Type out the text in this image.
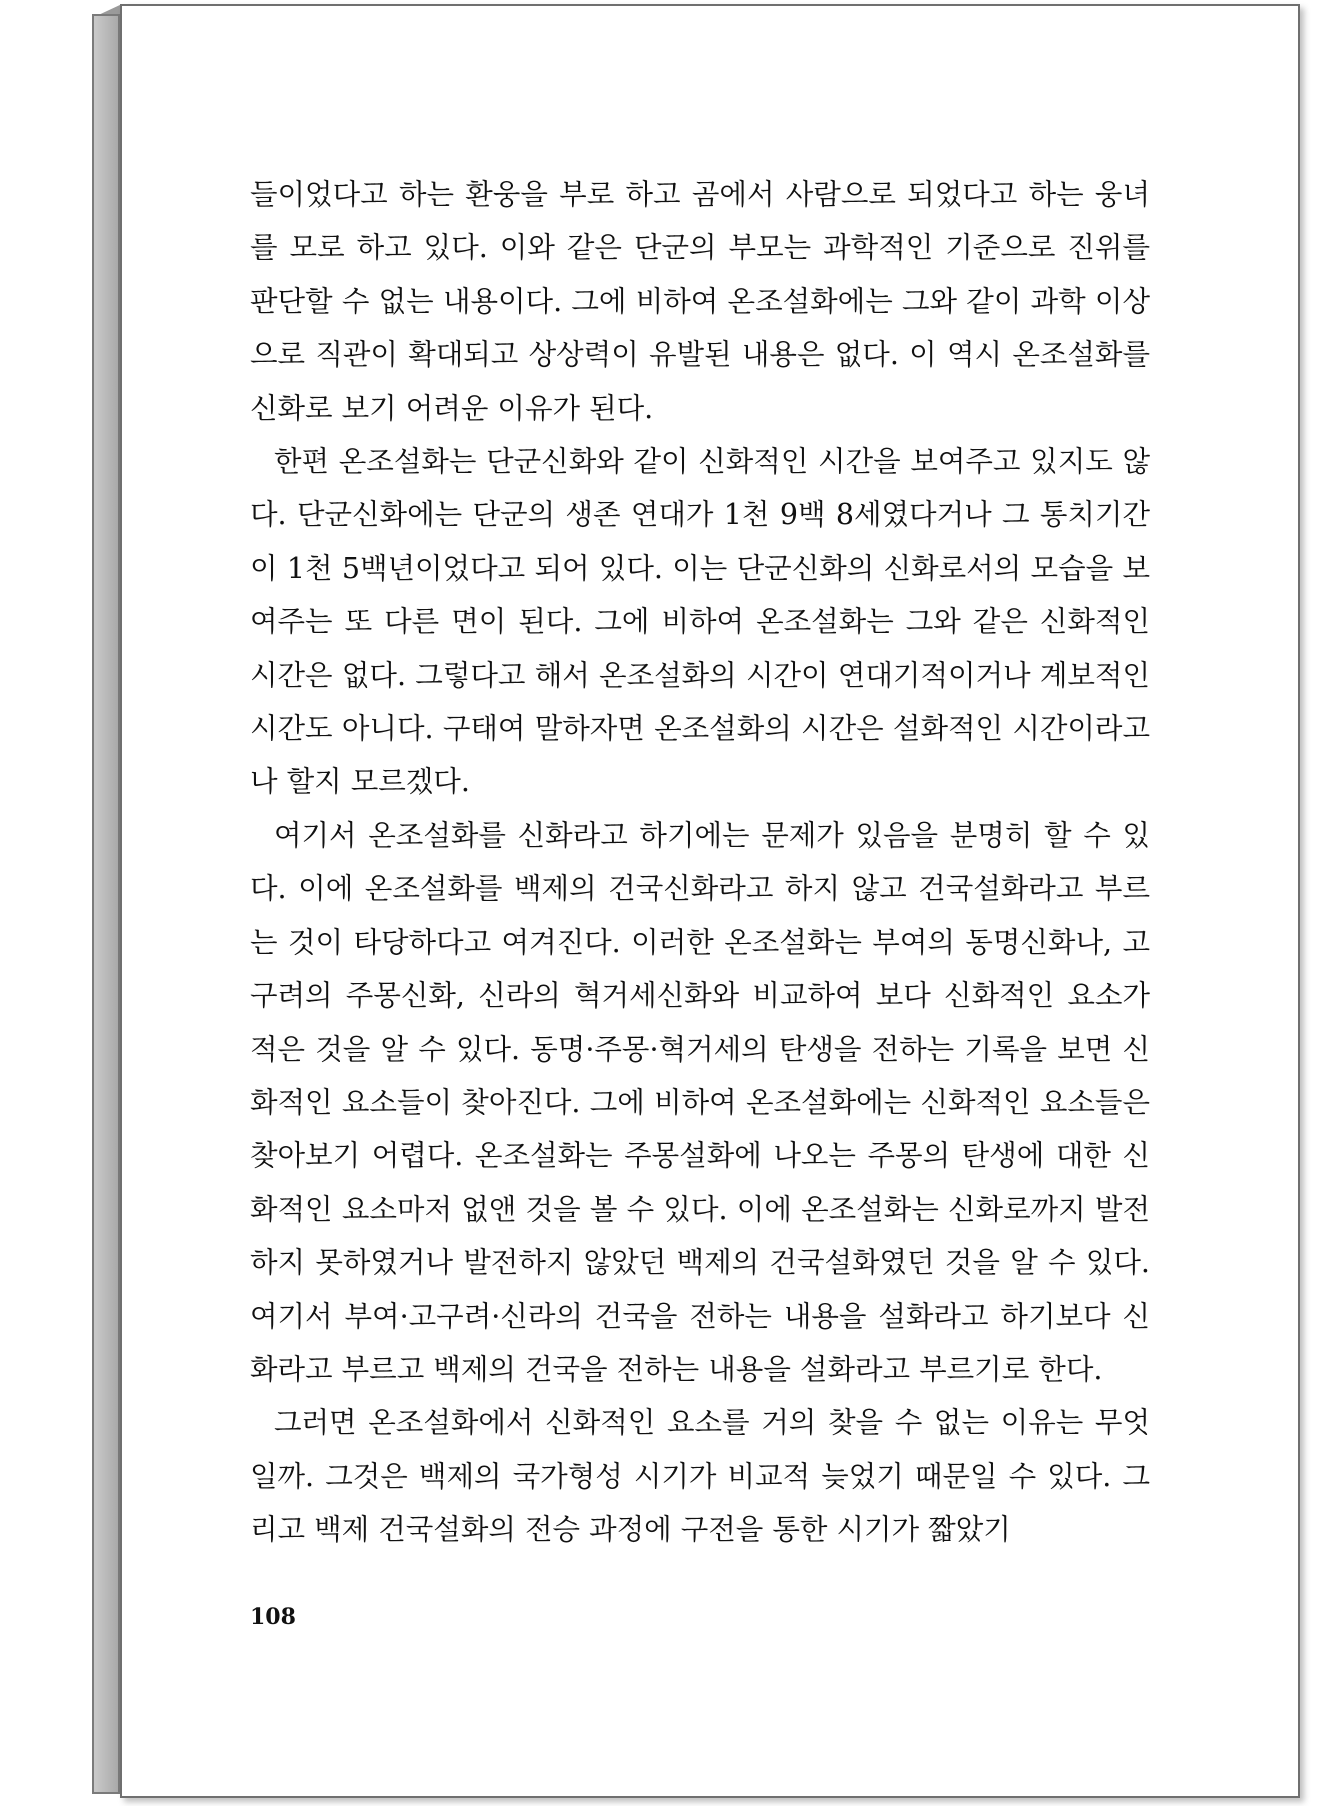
들이었다고 하는 환웅을 부로 하고 곰에서 사람으로 되었다고 하는 웅녀를 모로 하고 있다. 이와 같은 단군의 부모는 과학적인 기준으로 진위를 판단할 수 없는 내용이다. 그에 비하여 온조설화에는 그와 같이 과학 이상으로 직관이 확대되고 상상력이 유발된 내용은 없다. 이 역시 온조설화를 신화로 보기 어려운 이유가 된다.

한편 온조설화는 단군신화와 같이 신화적인 시간을 보여주고 있지도 않다. 단군신화에는 단군의 생존 연대가 1천 9백 8세였다거나 그 통치기간이 1천 5백년이었다고 되어 있다. 이는 단군신화의 신화로서의 모습을 보여주는 또 다른 면이 된다. 그에 비하여 온조설화는 그와 같은 신화적인 시간은 없다. 그렇다고 해서 온조설화의 시간이 연대기적이거나 계보적인 시간도 아니다. 구태여 말하자면 온조설화의 시간은 설화적인 시간이라고나 할지 모르겠다.

여기서 온조설화를 신화라고 하기에는 문제가 있음을 분명히 할 수 있다. 이에 온조설화를 백제의 건국신화라고 하지 않고 건국설화라고 부르는 것이 타당하다고 여겨진다. 이러한 온조설화는 부여의 동명신화나, 고구려의 주몽신화, 신라의 혁거세신화와 비교하여 보다 신화적인 요소가 적은 것을 알 수 있다. 동명·주몽·혁거세의 탄생을 전하는 기록을 보면 신화적인 요소들이 찾아진다. 그에 비하여 온조설화에는 신화적인 요소들은 찾아보기 어렵다. 온조설화는 주몽설화에 나오는 주몽의 탄생에 대한 신화적인 요소마저 없앤 것을 볼 수 있다. 이에 온조설화는 신화로까지 발전하지 못하였거나 발전하지 않았던 백제의 건국설화였던 것을 알 수 있다. 여기서 부여·고구려·신라의 건국을 전하는 내용을 설화라고 하기보다 신화라고 부르고 백제의 건국을 전하는 내용을 설화라고 부르기로 한다.

그러면 온조설화에서 신화적인 요소를 거의 찾을 수 없는 이유는 무엇일까. 그것은 백제의 국가형성 시기가 비교적 늦었기 때문일 수 있다. 그리고 백제 건국설화의 전승 과정에 구전을 통한 시기가 짧았기

108
